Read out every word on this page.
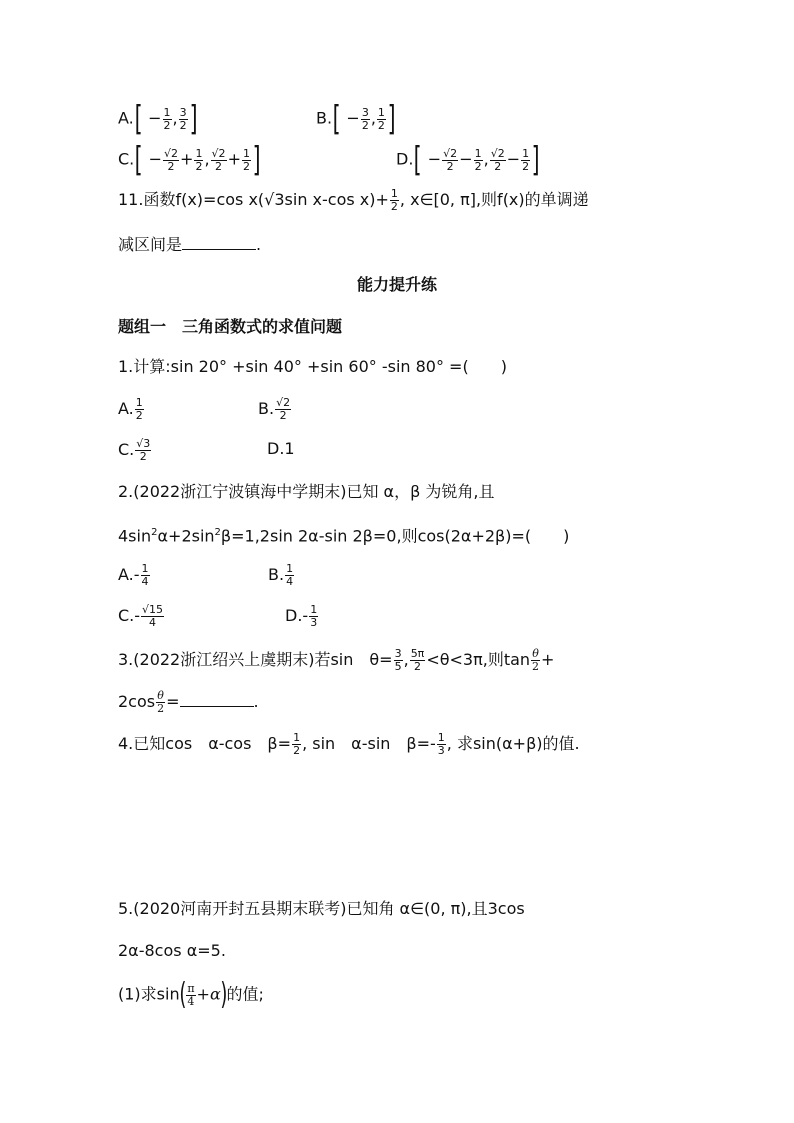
$A.[ - \frac{1}{2}$ , $\frac{3}{2}$ ]	$B.[ - \frac{3}{2}$ , $\frac{1}{2}$ ]
$C.[ - \frac{√2}{2} + \frac{1}{2}$ , $\frac{√2}{2} + \frac{1}{2}$ ]	$D.[ - \frac{√2}{2} - \frac{1}{2}$ , $\frac{√2}{2} - \frac{1}{2}$ ]
11.函数f(x)=cos x(√3sin x-cos $x)+ \frac{1}{2}$ , x∈[0, π],则f(x)的单调递
减区间是	.
能力提升练
题组一　三角函数式的求值问题
1.计算:sin 20° +sin 40° +sin 60° -sin 80° =(　　)
A. $\frac{1}{2}$	B. $\frac{√2}{2}$
C. $\frac{√3}{2}$	D.1
2.(2022浙江宁波镇海中学期末)已知 α，β 为锐角,且
$4\sin^2\alpha+2\sin^2\beta=1,2\sin$ 2α-sin 2β=0,则cos(2α+2β)=(　　)
$A.- \frac{1}{4}$	B. $\frac{1}{4}$
$C.- \frac{√15}{4}$	$D.- \frac{1}{3}$
3.(2022浙江绍兴上虞期末)若sin　$\theta= \frac{3}{5}$ , $\frac{5\pi}{2} <\theta<3\pi$,则$\tan \frac{\theta}{2}$ +
$2\cos \frac{\theta}{2}$ =	.
4.已知cos　α-cos　$\beta= \frac{1}{2}$ , sin　α-sin　$\beta=- \frac{1}{3}$ , 求sin(α+β)的值.
5.(2020河南开封五县期末联考)已知角 α∈(0, π),且3cos
2α-8cos α=5.
(1)求$\sin( \frac{\pi}{4} +\alpha)$的值;
